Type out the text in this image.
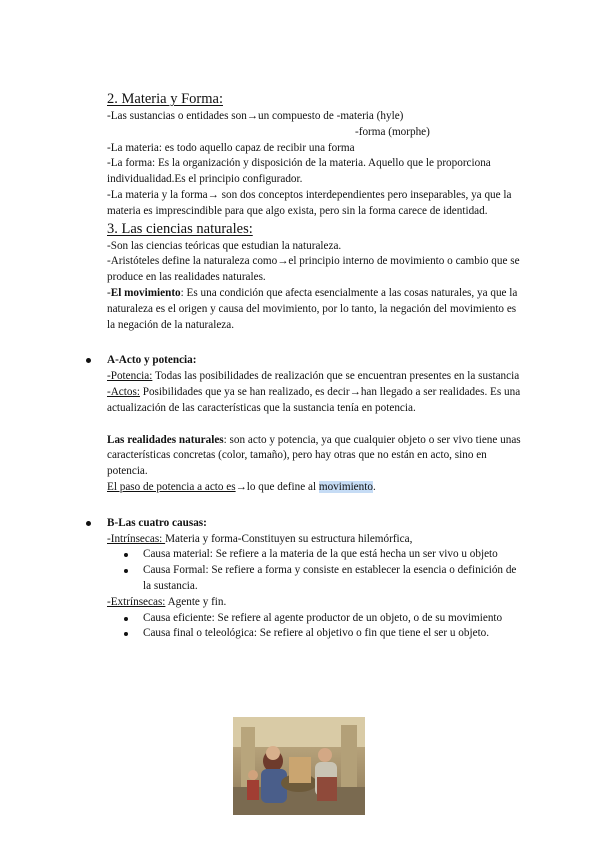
2. Materia y Forma:

-Las sustancias o entidades son→un compuesto de -materia (hyle)

-forma (morphe)

-La materia: es todo aquello capaz de recibir una forma

-La forma: Es la organización y disposición de la materia. Aquello que le proporciona individualidad.Es el principio configurador.

-La materia y la forma→ son dos conceptos interdependientes pero inseparables, ya que la materia es imprescindible para que algo exista, pero sin la forma carece de identidad.

3. Las ciencias naturales:

-Son las ciencias teóricas que estudian la naturaleza.

-Aristóteles define la naturaleza como→el principio interno de movimiento o cambio que se produce en las realidades naturales.

-El movimiento: Es una condición que afecta esencialmente a las cosas naturales, ya que la naturaleza es el origen y causa del movimiento, por lo tanto, la negación del movimiento es la negación de la naturaleza.

A-Acto y potencia:

-Potencia: Todas las posibilidades de realización que se encuentran presentes en la sustancia

-Actos: Posibilidades que ya se han realizado, es decir→han llegado a ser realidades. Es una actualización de las características que la sustancia tenía en potencia.

Las realidades naturales: son acto y potencia, ya que cualquier objeto o ser vivo tiene unas características concretas (color, tamaño), pero hay otras que no están en acto, sino en potencia.

El paso de potencia a acto es→lo que define al movimiento.

B-Las cuatro causas:

-Intrínsecas: Materia y forma-Constituyen su estructura hilemórfica,

Causa material: Se refiere a la materia de la que está hecha un ser vivo u objeto

Causa Formal: Se refiere a forma y consiste en establecer la esencia o definición de la sustancia.

-Extrínsecas: Agente y fin.

Causa eficiente: Se refiere al agente productor de un objeto, o de su movimiento

Causa final o teleológica: Se refiere al objetivo o fin que tiene el ser u objeto.
